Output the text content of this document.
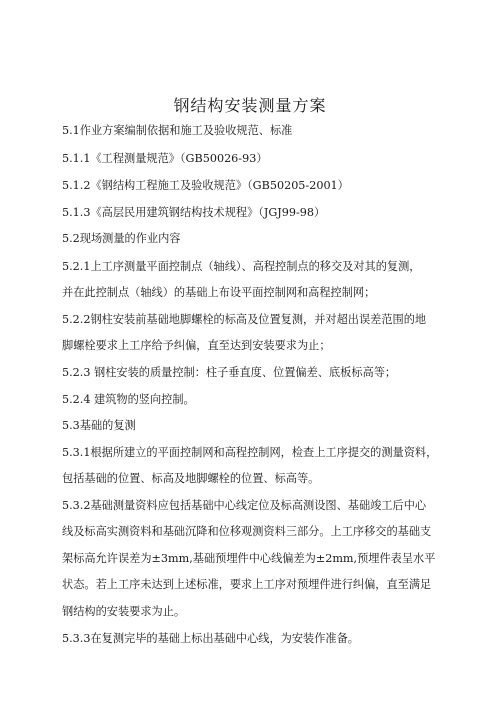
钢结构安装测量方案
5.1作业方案编制依据和施工及验收规范、标准
5.1.1《工程测量规范》（GB50026-93）
5.1.2《钢结构工程施工及验收规范》（GB50205-2001）
5.1.3《高层民用建筑钢结构技术规程》（JGJ99-98）
5.2现场测量的作业内容
5.2.1上工序测量平面控制点（轴线）、高程控制点的移交及对其的复测，
并在此控制点（轴线）的基础上布设平面控制网和高程控制网；
5.2.2钢柱安装前基础地脚螺栓的标高及位置复测，并对超出误差范围的地
脚螺栓要求上工序给予纠偏，直至达到安装要求为止；
5.2.3 钢柱安装的质量控制：柱子垂直度、位置偏差、底板标高等；
5.2.4 建筑物的竖向控制。
5.3基础的复测
5.3.1根据所建立的平面控制网和高程控制网，检查上工序提交的测量资料，
包括基础的位置、标高及地脚螺栓的位置、标高等。
5.3.2基础测量资料应包括基础中心线定位及标高测设图、基础竣工后中心
线及标高实测资料和基础沉降和位移观测资料三部分。上工序移交的基础支
架标高允许误差为±3mm,基础预埋件中心线偏差为±2mm,预埋件表呈水平
状态。若上工序未达到上述标准，要求上工序对预埋件进行纠偏，直至满足
钢结构的安装要求为止。
5.3.3在复测完毕的基础上标出基础中心线，为安装作准备。
